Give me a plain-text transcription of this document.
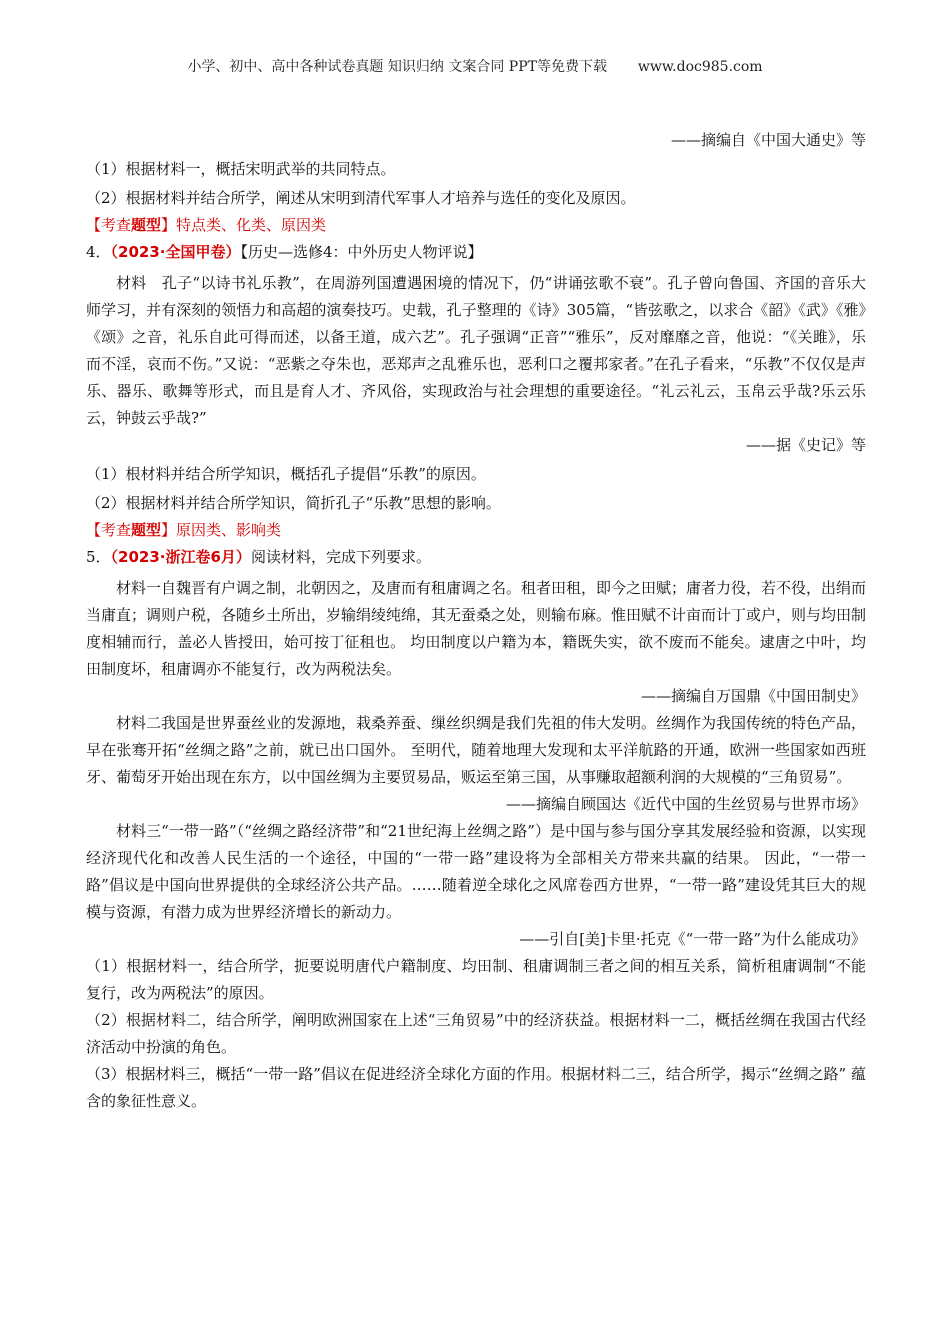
小学、初中、高中各种试卷真题 知识归纳 文案合同 PPT等免费下载 www.doc985.com
——摘编自《中国大通史》等
（1）根据材料一，概括宋明武举的共同特点。
（2）根据材料并结合所学，阐述从宋明到清代军事人才培养与选任的变化及原因。
【考查题型】特点类、化类、原因类
4．（2023·全国甲卷）【历史—选修4：中外历史人物评说】

材料　孔子“以诗书礼乐教”，在周游列国遭遇困境的情况下，仍“讲诵弦歌不衰”。孔子曾向鲁国、齐国的音乐大师学习，并有深刻的领悟力和高超的演奏技巧。史载，孔子整理的《诗》305篇，“皆弦歌之，以求合《韶》《武》《雅》《颂》之音，礼乐自此可得而述，以备王道，成六艺”。孔子强调“正音”“雅乐”，反对靡靡之音，他说：“《关雎》，乐而不淫，哀而不伤。”又说：“恶紫之夺朱也，恶郑声之乱雅乐也，恶利口之覆邦家者。”在孔子看来，“乐教”不仅仅是声乐、器乐、歌舞等形式，而且是育人才、齐风俗，实现政治与社会理想的重要途径。“礼云礼云，玉帛云乎哉?乐云乐云，钟鼓云乎哉?”

——据《史记》等
（1）根材料并结合所学知识，概括孔子提倡“乐教”的原因。
（2）根据材料并结合所学知识，简折孔子“乐教”思想的影响。
【考查题型】原因类、影响类
5．（2023·浙江卷6月）阅读材料，完成下列要求。

材料一自魏晋有户调之制，北朝因之，及唐而有租庸调之名。租者田租，即今之田赋；庸者力役，若不役，出绢而当庸直；调则户税，各随乡土所出，岁输绢绫纯绵，其无蚕桑之处，则输布麻。惟田赋不计亩而计丁或户，则与均田制度相辅而行，盖必人皆授田，始可按丁征租也。 均田制度以户籍为本，籍既失实，欲不废而不能矣。逮唐之中叶，均田制度坏，租庸调亦不能复行，改为两税法矣。

——摘编自万国鼎《中国田制史》

材料二我国是世界蚕丝业的发源地，栽桑养蚕、缫丝织绸是我们先祖的伟大发明。丝绸作为我国传统的特色产品，早在张骞开拓“丝绸之路”之前，就已出口国外。 至明代，随着地理大发现和太平洋航路的开通，欧洲一些国家如西班牙、葡萄牙开始出现在东方，以中国丝绸为主要贸易品，贩运至第三国，从事赚取超额利润的大规模的“三角贸易”。

——摘编自顾国达《近代中国的生丝贸易与世界市场》

材料三“一带一路”（“丝绸之路经济带”和“21世纪海上丝绸之路”）是中国与参与国分享其发展经验和资源，以实现经济现代化和改善人民生活的一个途径，中国的“一带一路”建设将为全部相关方带来共赢的结果。 因此，“一带一路”倡议是中国向世界提供的全球经济公共产品。……随着逆全球化之风席卷西方世界，“一带一路”建设凭其巨大的规模与资源，有潜力成为世界经济增长的新动力。

——引自[美]卡里·托克《“一带一路”为什么能成功》

（1）根据材料一，结合所学，扼要说明唐代户籍制度、均田制、租庸调制三者之间的相互关系，简析租庸调制“不能复行，改为两税法”的原因。

（2）根据材料二，结合所学，阐明欧洲国家在上述“三角贸易”中的经济获益。根据材料一二，概括丝绸在我国古代经济活动中扮演的角色。

（3）根据材料三，概括“一带一路”倡议在促进经济全球化方面的作用。根据材料二三，结合所学，揭示“丝绸之路” 蕴含的象征性意义。
